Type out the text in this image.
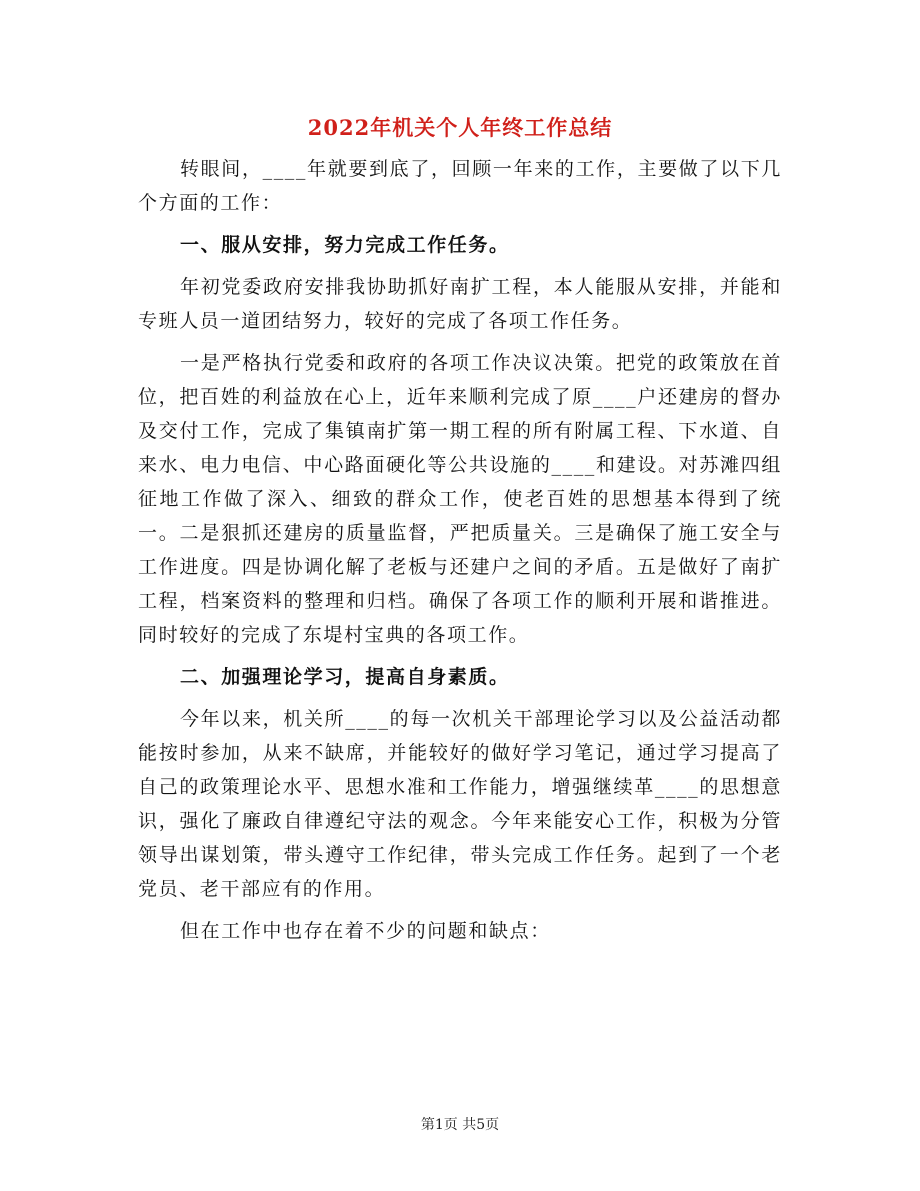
2022年机关个人年终工作总结

转眼间，____年就要到底了，回顾一年来的工作，主要做了以下几个方面的工作：

一、服从安排，努力完成工作任务。

年初党委政府安排我协助抓好南扩工程，本人能服从安排，并能和专班人员一道团结努力，较好的完成了各项工作任务。

一是严格执行党委和政府的各项工作决议决策。把党的政策放在首位，把百姓的利益放在心上，近年来顺利完成了原____户还建房的督办及交付工作，完成了集镇南扩第一期工程的所有附属工程、下水道、自来水、电力电信、中心路面硬化等公共设施的____和建设。对苏滩四组征地工作做了深入、细致的群众工作，使老百姓的思想基本得到了统一。二是狠抓还建房的质量监督，严把质量关。三是确保了施工安全与工作进度。四是协调化解了老板与还建户之间的矛盾。五是做好了南扩工程，档案资料的整理和归档。确保了各项工作的顺利开展和谐推进。同时较好的完成了东堤村宝典的各项工作。

二、加强理论学习，提高自身素质。

今年以来，机关所____的每一次机关干部理论学习以及公益活动都能按时参加，从来不缺席，并能较好的做好学习笔记，通过学习提高了自己的政策理论水平、思想水准和工作能力，增强继续革____的思想意识，强化了廉政自律遵纪守法的观念。今年来能安心工作，积极为分管领导出谋划策，带头遵守工作纪律，带头完成工作任务。起到了一个老党员、老干部应有的作用。

但在工作中也存在着不少的问题和缺点：

第1页 共5页
